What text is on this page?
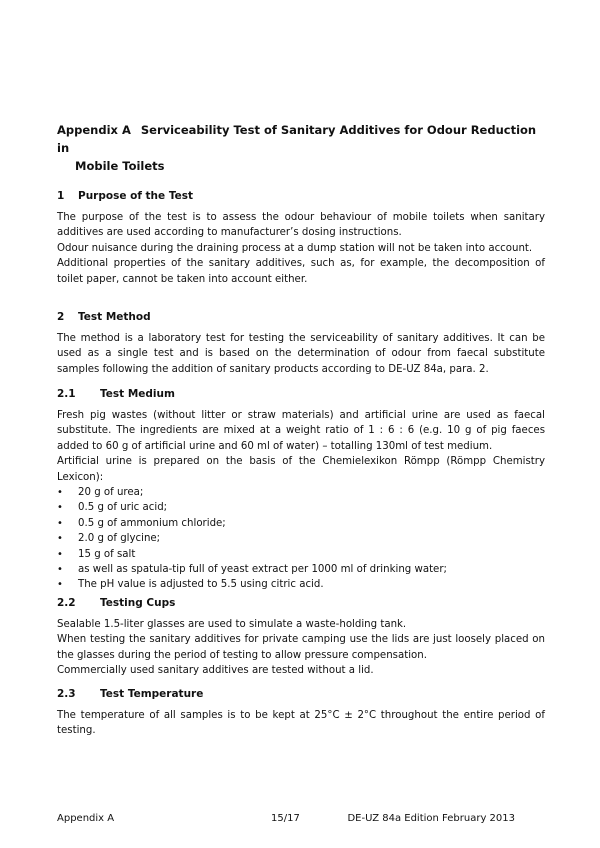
Appendix A Serviceability Test of Sanitary Additives for Odour Reduction in
Mobile Toilets
1 Purpose of the Test

The purpose of the test is to assess the odour behaviour of mobile toilets when sanitary additives are used according to manufacturer’s dosing instructions.

Odour nuisance during the draining process at a dump station will not be taken into account.

Additional properties of the sanitary additives, such as, for example, the decomposition of toilet paper, cannot be taken into account either.

2 Test Method

The method is a laboratory test for testing the serviceability of sanitary additives. It can be used as a single test and is based on the determination of odour from faecal substitute samples following the addition of sanitary products according to DE-UZ 84a, para. 2.

2.1 Test Medium

Fresh pig wastes (without litter or straw materials) and artificial urine are used as faecal substitute. The ingredients are mixed at a weight ratio of 1 : 6 : 6 (e.g. 10 g of pig faeces added to 60 g of artificial urine and 60 ml of water) – totalling 130ml of test medium.

Artificial urine is prepared on the basis of the Chemielexikon Römpp (Römpp Chemistry Lexicon):

• 20 g of urea;
• 0.5 g of uric acid;
• 0.5 g of ammonium chloride;
• 2.0 g of glycine;
• 15 g of salt
• as well as spatula-tip full of yeast extract per 1000 ml of drinking water;
• The pH value is adjusted to 5.5 using citric acid.
2.2 Testing Cups

Sealable 1.5-liter glasses are used to simulate a waste-holding tank.

When testing the sanitary additives for private camping use the lids are just loosely placed on the glasses during the period of testing to allow pressure compensation.

Commercially used sanitary additives are tested without a lid.

2.3 Test Temperature

The temperature of all samples is to be kept at 25°C ± 2°C throughout the entire period of testing.

Appendix A	15/17	DE-UZ 84a Edition February 2013
